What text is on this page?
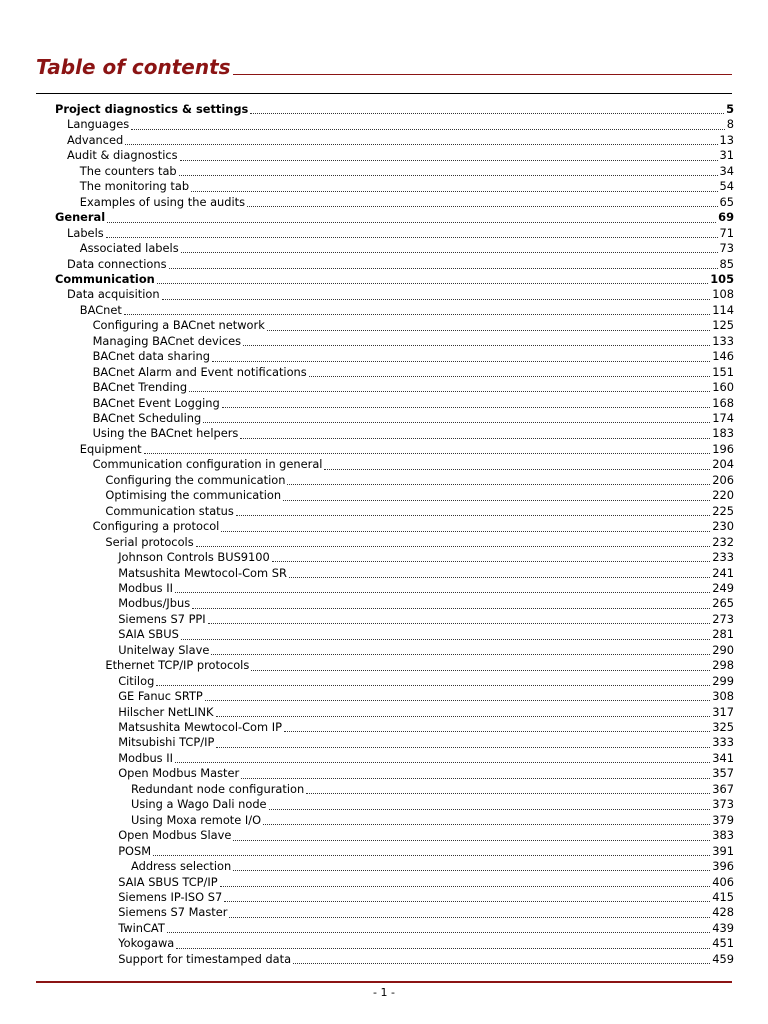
Table of contents
Project diagnostics & settings	5
Languages	8
Advanced	13
Audit & diagnostics	31
The counters tab	34
The monitoring tab	54
Examples of using the audits	65
General	69
Labels	71
Associated labels	73
Data connections	85
Communication	105
Data acquisition	108
BACnet	114
Configuring a BACnet network	125
Managing BACnet devices	133
BACnet data sharing	146
BACnet Alarm and Event notifications	151
BACnet Trending	160
BACnet Event Logging	168
BACnet Scheduling	174
Using the BACnet helpers	183
Equipment	196
Communication configuration in general	204
Configuring the communication	206
Optimising the communication	220
Communication status	225
Configuring a protocol	230
Serial protocols	232
Johnson Controls BUS9100	233
Matsushita Mewtocol-Com SR	241
Modbus II	249
Modbus/Jbus	265
Siemens S7 PPI	273
SAIA SBUS	281
Unitelway Slave	290
Ethernet TCP/IP protocols	298
Citilog	299
GE Fanuc SRTP	308
Hilscher NetLINK	317
Matsushita Mewtocol-Com IP	325
Mitsubishi TCP/IP	333
Modbus II	341
Open Modbus Master	357
Redundant node configuration	367
Using a Wago Dali node	373
Using Moxa remote I/O	379
Open Modbus Slave	383
POSM	391
Address selection	396
SAIA SBUS TCP/IP	406
Siemens IP-ISO S7	415
Siemens S7 Master	428
TwinCAT	439
Yokogawa	451
Support for timestamped data	459
- 1 -
